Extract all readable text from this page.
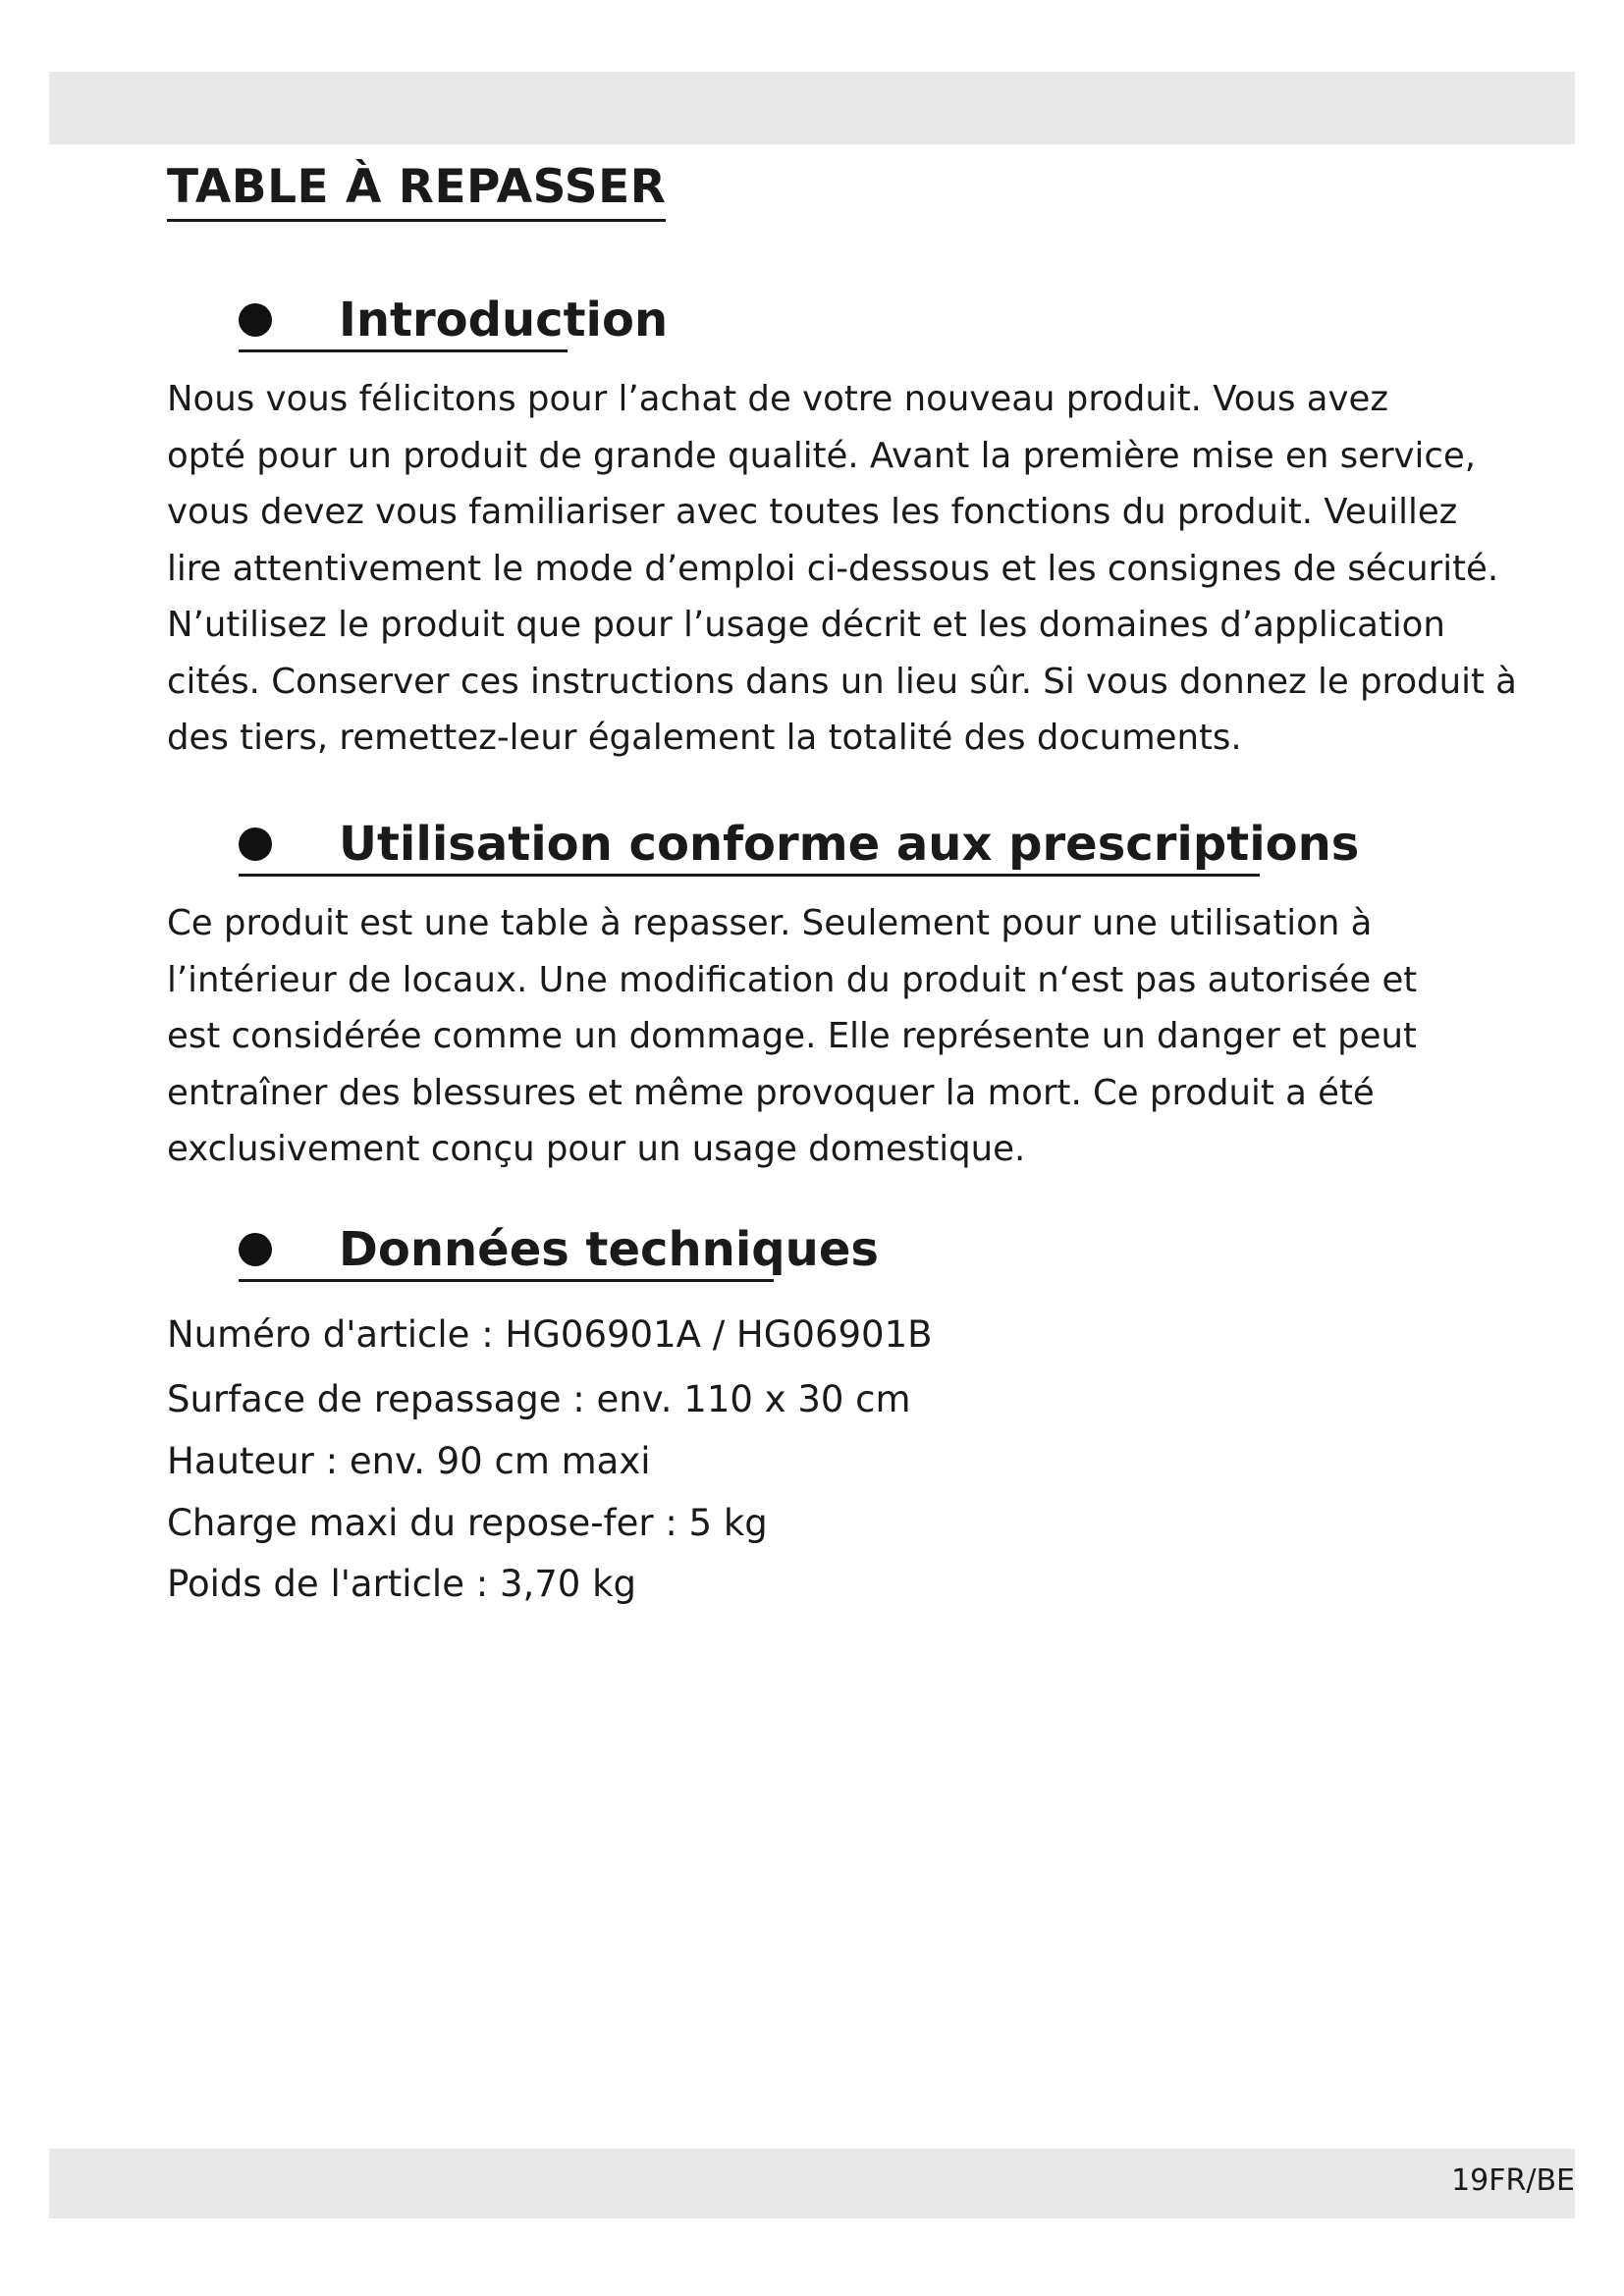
TABLE À REPASSER
Introduction

Nous vous félicitons pour l’achat de votre nouveau produit. Vous avez
opté pour un produit de grande qualité. Avant la première mise en service,
vous devez vous familiariser avec toutes les fonctions du produit. Veuillez
lire attentivement le mode d’emploi ci-dessous et les consignes de sécurité.
N’utilisez le produit que pour l’usage décrit et les domaines d’application
cités. Conserver ces instructions dans un lieu sûr. Si vous donnez le produit à
des tiers, remettez-leur également la totalité des documents.

Utilisation conforme aux prescriptions

Ce produit est une table à repasser. Seulement pour une utilisation à
l’intérieur de locaux. Une modification du produit n‘est pas autorisée et
est considérée comme un dommage. Elle représente un danger et peut
entraîner des blessures et même provoquer la mort. Ce produit a été
exclusivement conçu pour un usage domestique.

Données techniques
Numéro d'article : HG06901A / HG06901B
Surface de repassage : env. 110 x 30 cm
Hauteur : env. 90 cm maxi
Charge maxi du repose-fer : 5 kg
Poids de l'article : 3,70 kg
19FR/BE
